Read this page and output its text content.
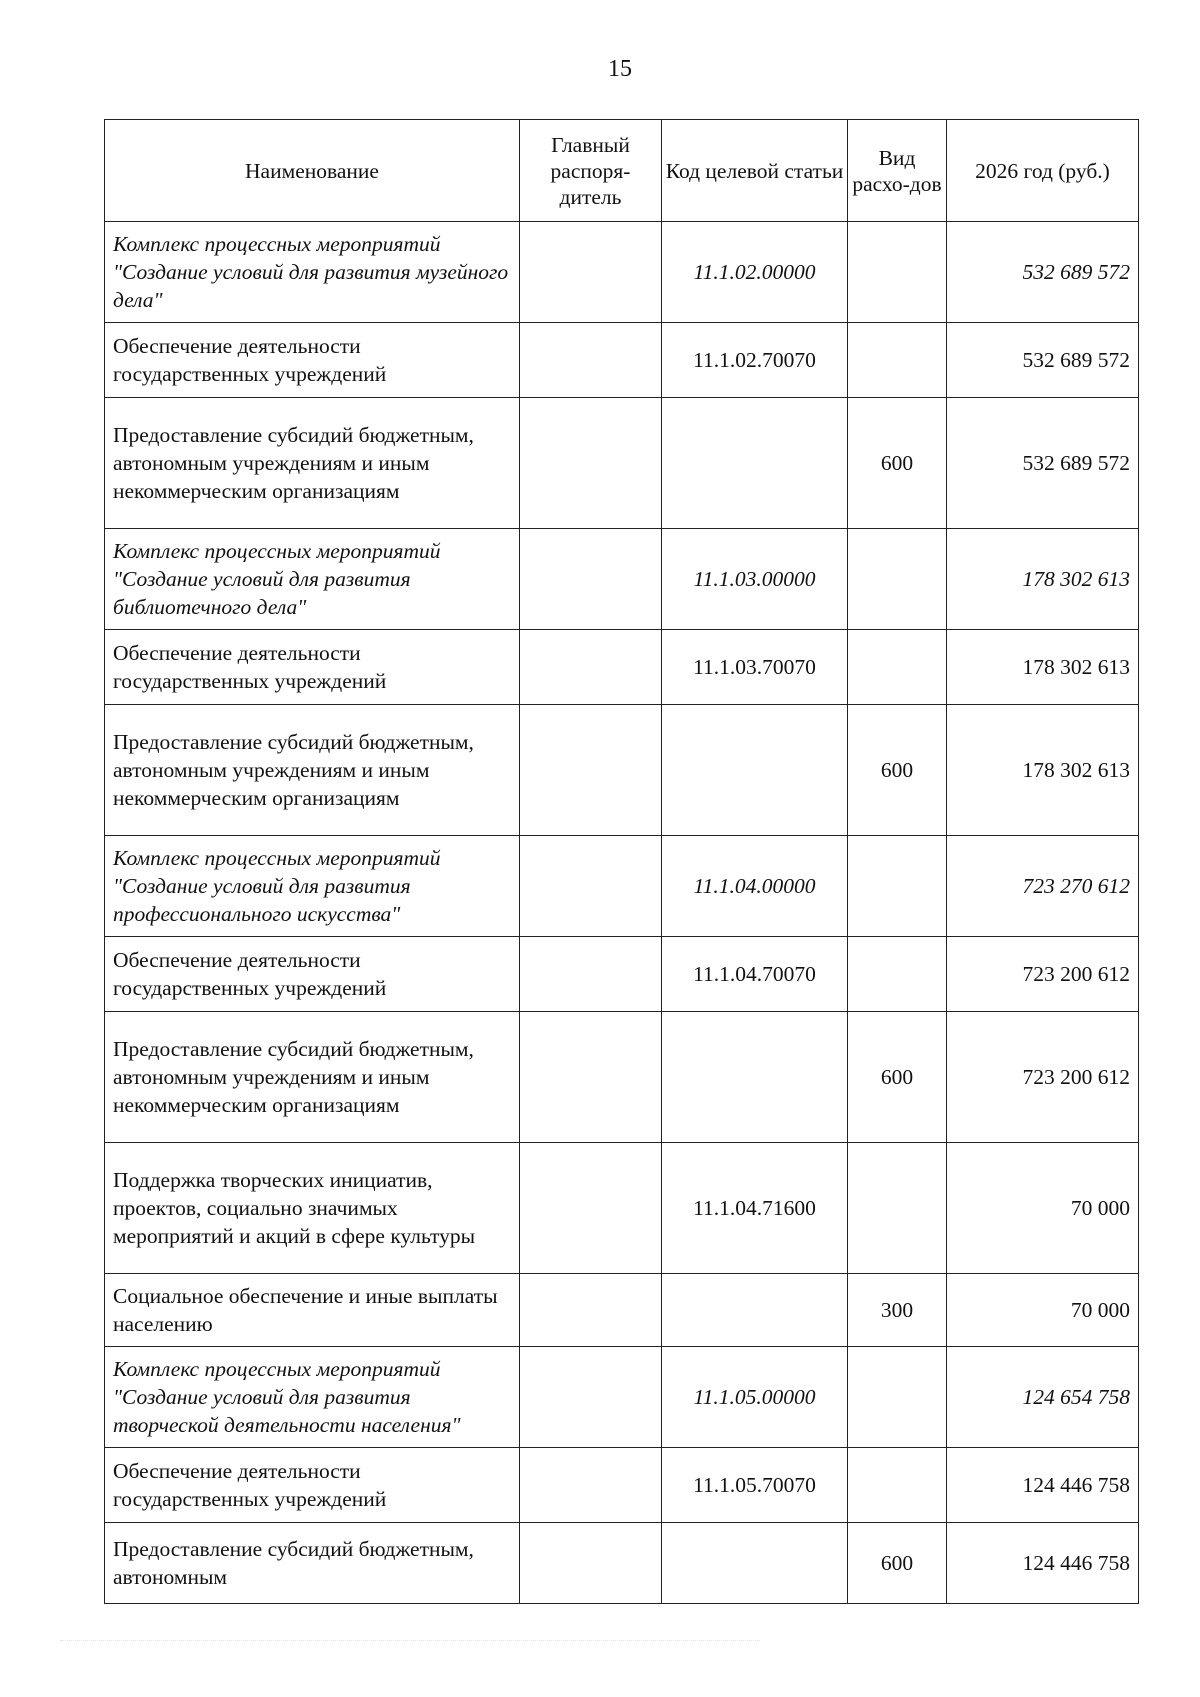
15
Наименование	Главный распоря-дитель	Код целевой статьи	Вид расхо-дов	2026 год (руб.)
Комплекс процессных мероприятий "Создание условий для развития музейного дела"		11.1.02.00000		532 689 572
Обеспечение деятельности государственных учреждений		11.1.02.70070		532 689 572
Предоставление субсидий бюджетным, автономным учреждениям и иным некоммерческим организациям			600	532 689 572
Комплекс процессных мероприятий "Создание условий для развития библиотечного дела"		11.1.03.00000		178 302 613
Обеспечение деятельности государственных учреждений		11.1.03.70070		178 302 613
Предоставление субсидий бюджетным, автономным учреждениям и иным некоммерческим организациям			600	178 302 613
Комплекс процессных мероприятий "Создание условий для развития профессионального искусства"		11.1.04.00000		723 270 612
Обеспечение деятельности государственных учреждений		11.1.04.70070		723 200 612
Предоставление субсидий бюджетным, автономным учреждениям и иным некоммерческим организациям			600	723 200 612
Поддержка творческих инициатив, проектов, социально значимых мероприятий и акций в сфере культуры		11.1.04.71600		70 000
Социальное обеспечение и иные выплаты населению			300	70 000
Комплекс процессных мероприятий "Создание условий для развития творческой деятельности населения"		11.1.05.00000		124 654 758
Обеспечение деятельности государственных учреждений		11.1.05.70070		124 446 758
Предоставление субсидий бюджетным, автономным			600	124 446 758
